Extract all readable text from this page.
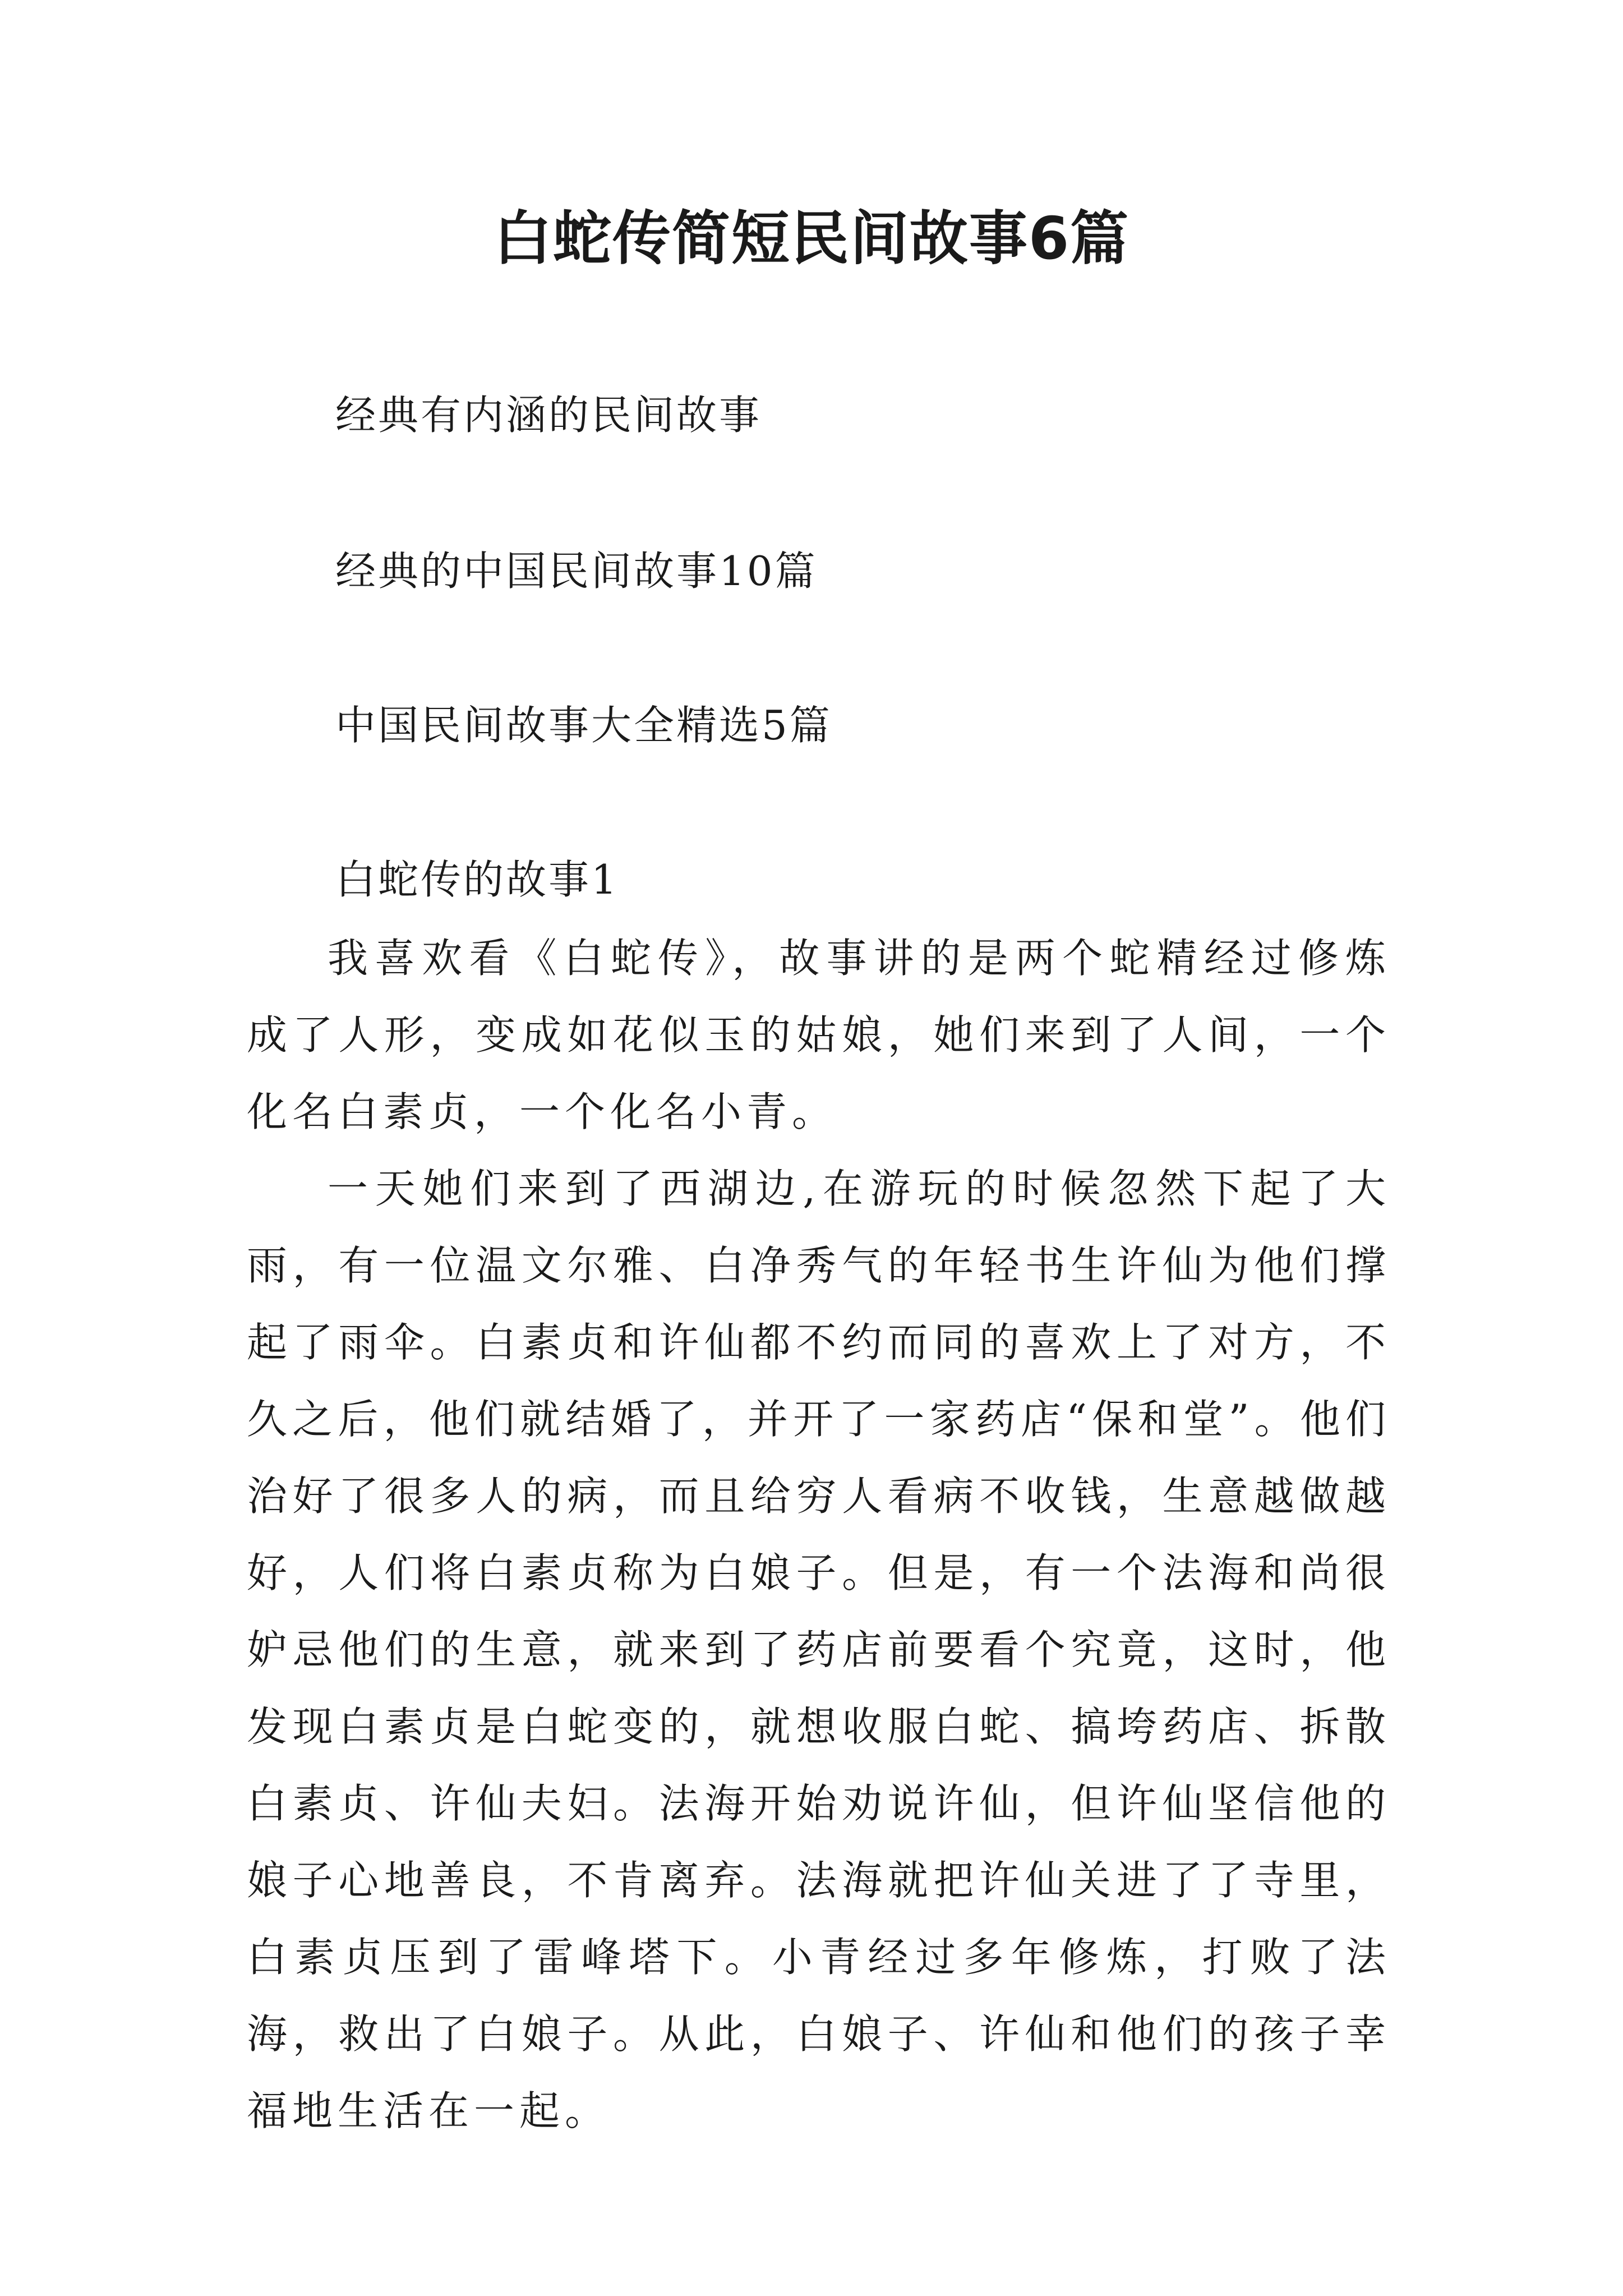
白蛇传简短民间故事6篇
经典有内涵的民间故事
经典的中国民间故事10篇
中国民间故事大全精选5篇
白蛇传的故事1

我喜欢看《白蛇传》，故事讲的是两个蛇精经过修炼成了人形，变成如花似玉的姑娘，她们来到了人间，一个化名白素贞，一个化名小青。

一天她们来到了西湖边,在游玩的时候忽然下起了大雨，有一位温文尔雅、白净秀气的年轻书生许仙为他们撑起了雨伞。白素贞和许仙都不约而同的喜欢上了对方，不久之后，他们就结婚了，并开了一家药店“保和堂”。他们治好了很多人的病，而且给穷人看病不收钱，生意越做越好，人们将白素贞称为白娘子。但是，有一个法海和尚很妒忌他们的生意，就来到了药店前要看个究竟，这时，他发现白素贞是白蛇变的，就想收服白蛇、搞垮药店、拆散白素贞、许仙夫妇。法海开始劝说许仙，但许仙坚信他的娘子心地善良，不肯离弃。法海就把许仙关进了了寺里，白素贞压到了雷峰塔下。小青经过多年修炼，打败了法海，救出了白娘子。从此，白娘子、许仙和他们的孩子幸福地生活在一起。
